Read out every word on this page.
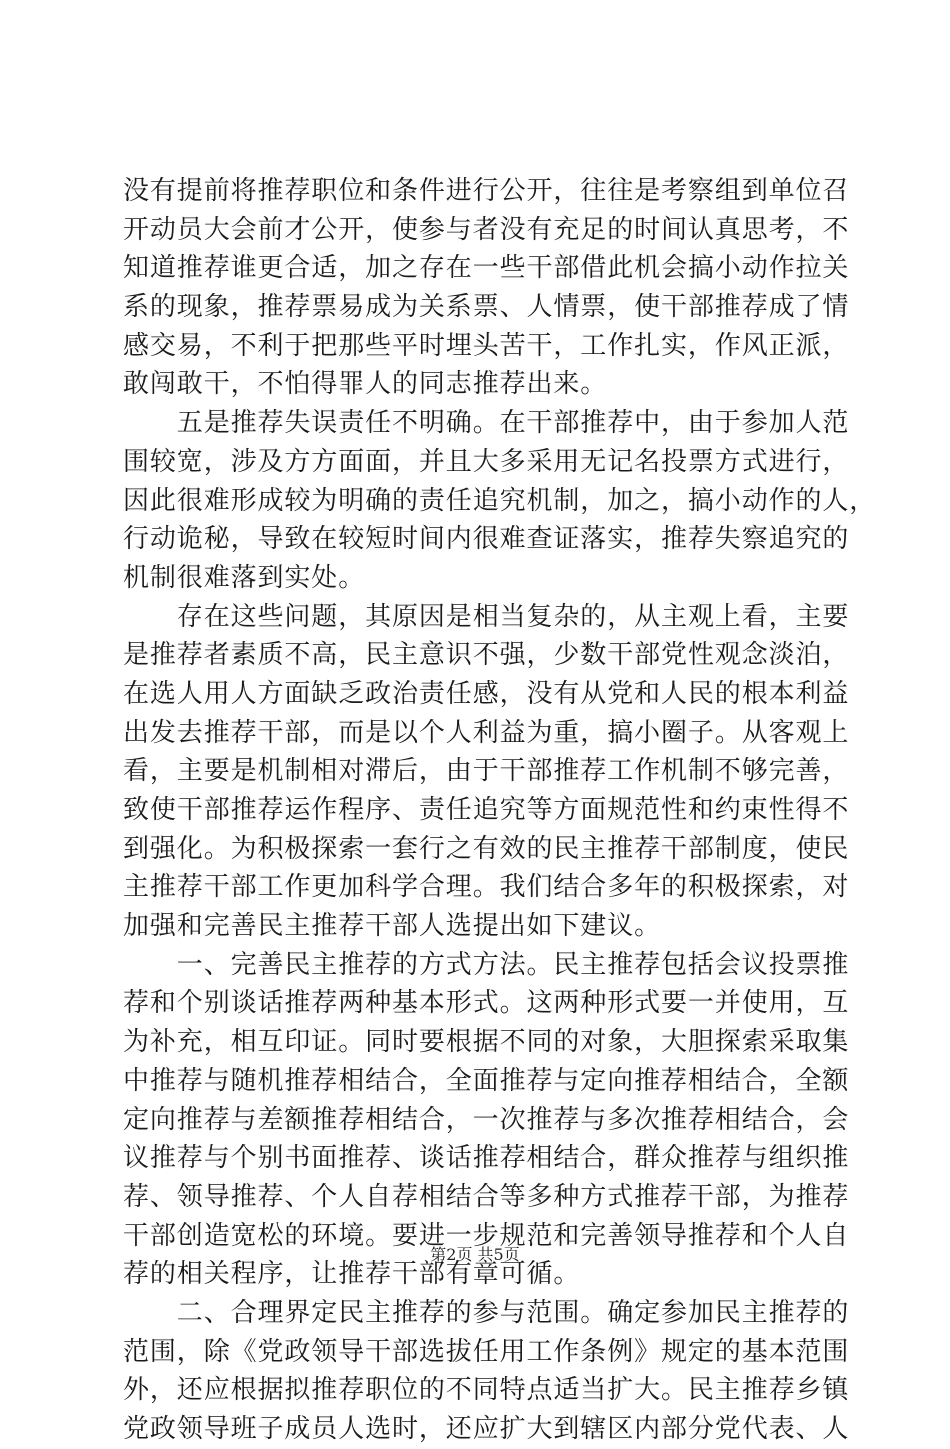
没有提前将推荐职位和条件进行公开，往往是考察组到单位召
开动员大会前才公开，使参与者没有充足的时间认真思考，不
知道推荐谁更合适，加之存在一些干部借此机会搞小动作拉关
系的现象，推荐票易成为关系票、人情票，使干部推荐成了情
感交易，不利于把那些平时埋头苦干，工作扎实，作风正派，
敢闯敢干，不怕得罪人的同志推荐出来。
　　五是推荐失误责任不明确。在干部推荐中，由于参加人范
围较宽，涉及方方面面，并且大多采用无记名投票方式进行，
因此很难形成较为明确的责任追究机制，加之，搞小动作的人，
行动诡秘，导致在较短时间内很难查证落实，推荐失察追究的
机制很难落到实处。
　　存在这些问题，其原因是相当复杂的，从主观上看，主要
是推荐者素质不高，民主意识不强，少数干部党性观念淡泊，
在选人用人方面缺乏政治责任感，没有从党和人民的根本利益
出发去推荐干部，而是以个人利益为重，搞小圈子。从客观上
看，主要是机制相对滞后，由于干部推荐工作机制不够完善，
致使干部推荐运作程序、责任追究等方面规范性和约束性得不
到强化。为积极探索一套行之有效的民主推荐干部制度，使民
主推荐干部工作更加科学合理。我们结合多年的积极探索，对
加强和完善民主推荐干部人选提出如下建议。
　　一、完善民主推荐的方式方法。民主推荐包括会议投票推
荐和个别谈话推荐两种基本形式。这两种形式要一并使用，互
为补充，相互印证。同时要根据不同的对象，大胆探索采取集
中推荐与随机推荐相结合，全面推荐与定向推荐相结合，全额
定向推荐与差额推荐相结合，一次推荐与多次推荐相结合，会
议推荐与个别书面推荐、谈话推荐相结合，群众推荐与组织推
荐、领导推荐、个人自荐相结合等多种方式推荐干部，为推荐
干部创造宽松的环境。要进一步规范和完善领导推荐和个人自
荐的相关程序，让推荐干部有章可循。
　　二、合理界定民主推荐的参与范围。确定参加民主推荐的
范围，除《党政领导干部选拔任用工作条例》规定的基本范围
外，还应根据拟推荐职位的不同特点适当扩大。民主推荐乡镇
党政领导班子成员人选时，还应扩大到辖区内部分党代表、人
第2页 共5页
